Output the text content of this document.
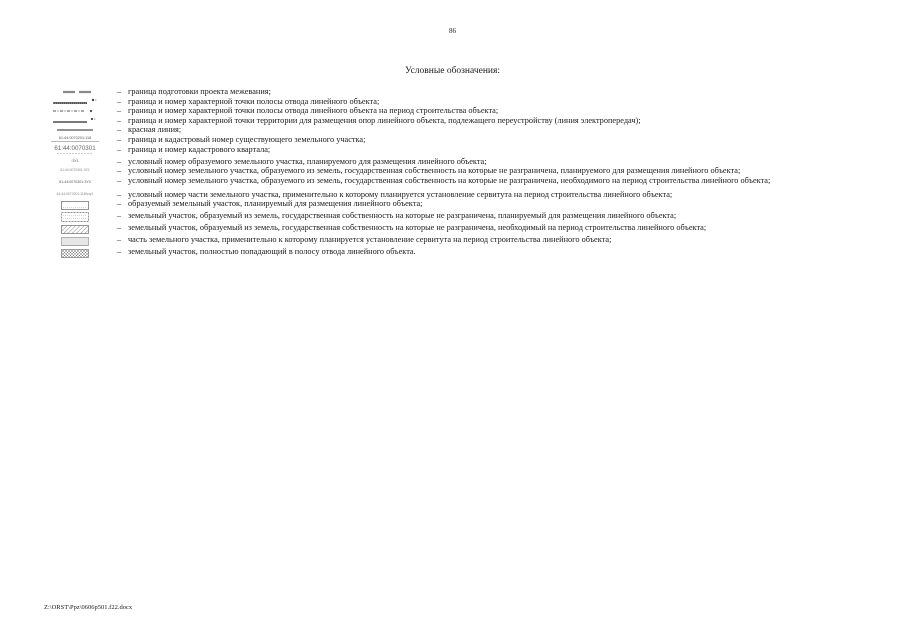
86
Условные обозначения:
– граница подготовки проекта межевания;
1	– граница и номер характерной точки полосы отвода линейного объекта;
– граница и номер характерной точки полосы отвода линейного объекта на период строительства объекта;
1	– граница и номер характерной точки территории для размещения опор линейного объекта, подлежащего переустройству (линия электропередач);
– красная линия;
61:44:0070201:118	– граница и кадастровый номер существующего земельного участка;
61:44:0070301	– граница и номер кадастрового квартала;
:ЗУ1	– условный номер образуемого земельного участка, планируемого для размещения линейного объекта;
61:44:0070301:ЗУ1	– условный номер земельного участка, образуемого из земель, государственная собственность на которые не разграничена, планируемого для размещения линейного объекта;
61:44:0070301:ЗУ3	– условный номер земельного участка, образуемого из земель, государственная собственность на которые не разграничена, необходимого на период строительства линейного объекта;
61:44:0070201:118/чзу1	– условный номер части земельного участка, применительно к которому планируется установление сервитута на период строительства линейного объекта;
– образуемый земельный участок, планируемый для размещения линейного объекта;
– земельный участок, образуемый из земель, государственная собственность на которые не разграничена, планируемый для размещения линейного объекта;
– земельный участок, образуемый из земель, государственная собственность на которые не разграничена, необходимый на период строительства линейного объекта;
– часть земельного участка, применительно к которому планируется установление сервитута на период строительства линейного объекта;
– земельный участок, полностью попадающий в полосу отвода линейного объекта.
Z:\ORST\Ppz\0606p501.f22.docx
